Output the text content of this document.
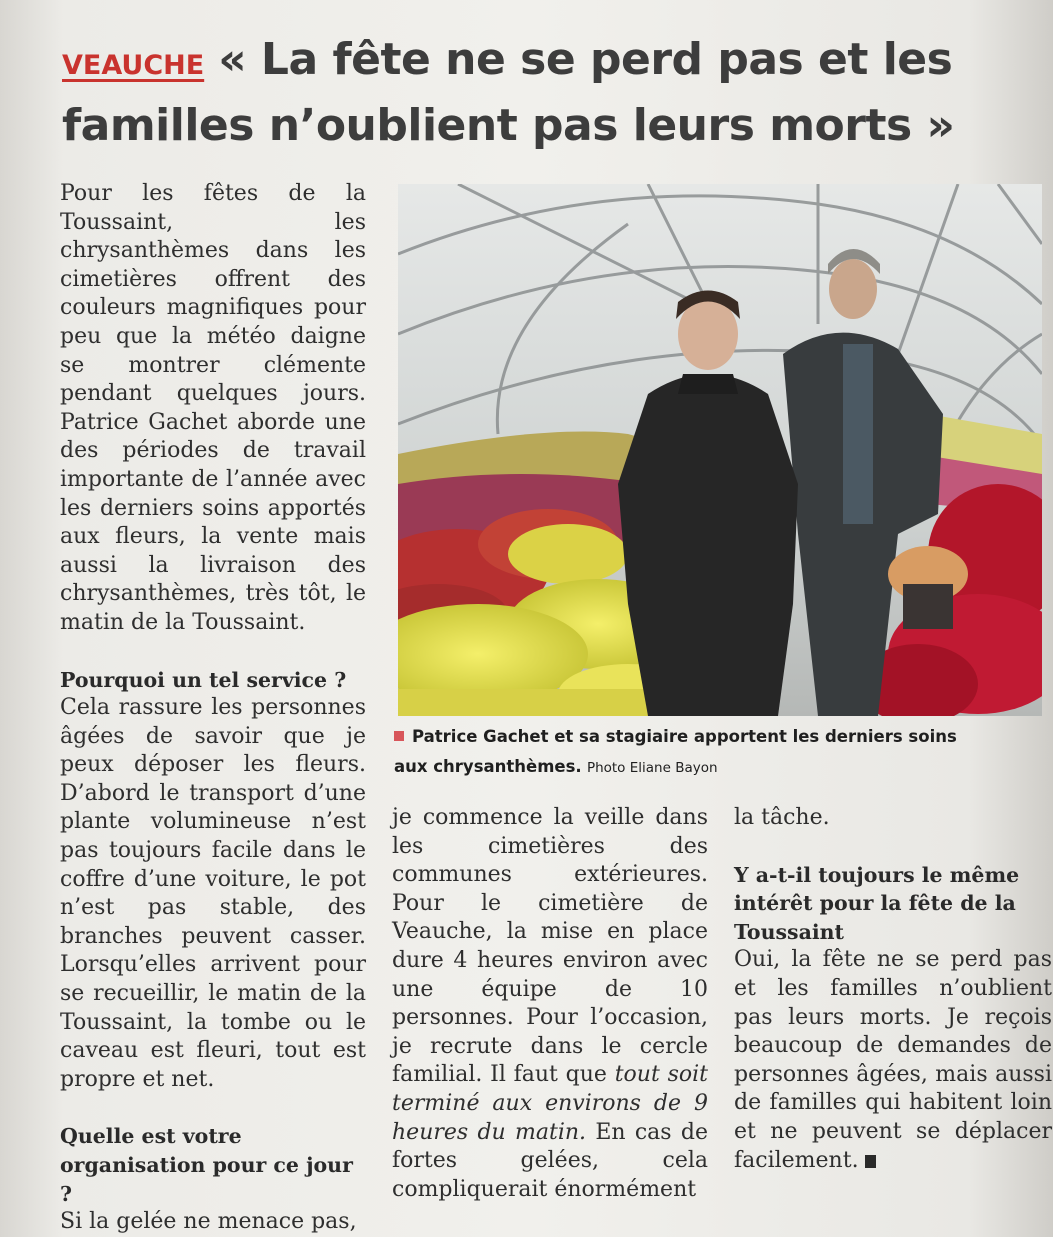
VEAUCHE « La fête ne se perd pas et les familles n’oublient pas leurs morts »

Pour les fêtes de la Toussaint, les chrysanthèmes dans les cimetières offrent des couleurs magnifiques pour peu que la météo daigne se montrer clémente pendant quelques jours. Patrice Gachet aborde une des périodes de travail importante de l’année avec les derniers soins apportés aux fleurs, la vente mais aussi la livraison des chrysanthèmes, très tôt, le matin de la Toussaint.

Pourquoi un tel service ?

Cela rassure les personnes âgées de savoir que je peux déposer les fleurs. D’abord le transport d’une plante volumineuse n’est pas toujours facile dans le coffre d’une voiture, le pot n’est pas stable, des branches peuvent casser. Lorsqu’elles arrivent pour se recueillir, le matin de la Toussaint, la tombe ou le caveau est fleuri, tout est propre et net.

Quelle est votre organisation pour ce jour ?

Si la gelée ne menace pas,

Patrice Gachet et sa stagiaire apportent les derniers soins aux chrysanthèmes. Photo Eliane Bayon

je commence la veille dans les cimetières des communes extérieures. Pour le cimetière de Veauche, la mise en place dure 4 heures environ avec une équipe de 10 personnes. Pour l’occasion, je recrute dans le cercle familial. Il faut que tout soit terminé aux environs de 9 heures du matin. En cas de fortes gelées, cela compliquerait énormément

la tâche.

Y a-t-il toujours le même intérêt pour la fête de la Toussaint

Oui, la fête ne se perd pas et les familles n’oublient pas leurs morts. Je reçois beaucoup de demandes de personnes âgées, mais aussi de familles qui habitent loin et ne peuvent se déplacer facilement.
